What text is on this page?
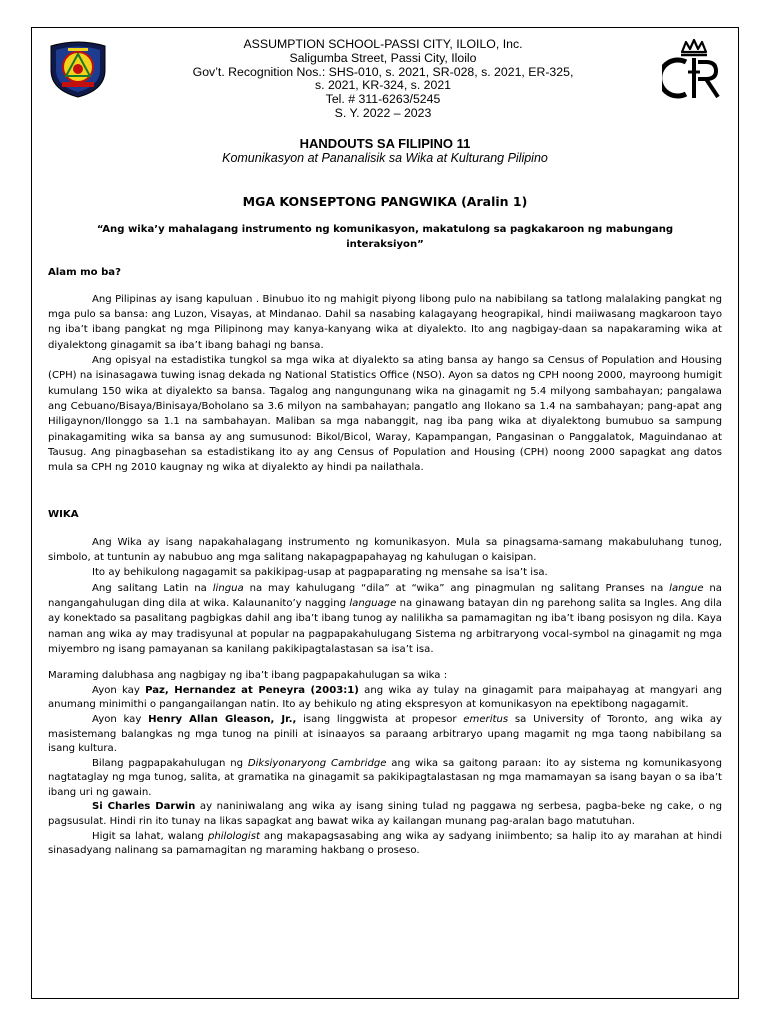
ASSUMPTION SCHOOL-PASSI CITY, ILOILO, Inc.
Saligumba Street, Passi City, Iloilo
Gov’t. Recognition Nos.: SHS-010, s. 2021, SR-028, s. 2021, ER-325,
s. 2021, KR-324, s. 2021
Tel. # 311-6263/5245
S. Y. 2022 – 2023
HANDOUTS SA FILIPINO 11
Komunikasyon at Pananalisik sa Wika at Kulturang Pilipino
MGA KONSEPTONG PANGWIKA (Aralin 1)
“Ang wika’y mahalagang instrumento ng komunikasyon, makatulong sa pagkakaroon ng mabungang interaksiyon”

Alam mo ba?

Ang Pilipinas ay isang kapuluan . Binubuo ito ng mahigit piyong libong pulo na nabibilang sa tatlong malalaking pangkat ng mga pulo sa bansa: ang Luzon, Visayas, at Mindanao. Dahil sa nasabing kalagayang heograpikal, hindi maiiwasang magkaroon tayo ng iba’t ibang pangkat ng mga Pilipinong may kanya-kanyang wika at diyalekto. Ito ang nagbigay-daan sa napakaraming wika at diyalektong ginagamit sa iba’t ibang bahagi ng bansa.

Ang opisyal na estadistika tungkol sa mga wika at diyalekto sa ating bansa ay hango sa Census of Population and Housing (CPH) na isinasagawa tuwing isnag dekada ng National Statistics Office (NSO). Ayon sa datos ng CPH noong 2000, mayroong humigit kumulang 150 wika at diyalekto sa bansa. Tagalog ang nangungunang wika na ginagamit ng 5.4 milyong sambahayan; pangalawa ang Cebuano/Bisaya/Binisaya/Boholano sa 3.6 milyon na sambahayan; pangatlo ang Ilokano sa 1.4 na sambahayan; pang-apat ang Hiligaynon/Ilonggo sa 1.1 na sambahayan. Maliban sa mga nabanggit, nag iba pang wika at diyalektong bumubuo sa sampung pinakagamiting wika sa bansa ay ang sumusunod: Bikol/Bicol, Waray, Kapampangan, Pangasinan o Panggalatok, Maguindanao at Tausug. Ang pinagbasehan sa estadistikang ito ay ang Census of Population and Housing (CPH) noong 2000 sapagkat ang datos mula sa CPH ng 2010 kaugnay ng wika at diyalekto ay hindi pa nailathala.

WIKA

Ang Wika ay isang napakahalagang instrumento ng komunikasyon. Mula sa pinagsama-samang makabuluhang tunog, simbolo, at tuntunin ay nabubuo ang mga salitang nakapagpapahayag ng kahulugan o kaisipan.

Ito ay behikulong nagagamit sa pakikipag-usap at pagpaparating ng mensahe sa isa’t isa.

Ang salitang Latin na lingua na may kahulugang “dila” at “wika” ang pinagmulan ng salitang Pranses na langue na nangangahulugan ding dila at wika. Kalaunanito’y nagging language na ginawang batayan din ng parehong salita sa Ingles. Ang dila ay konektado sa pasalitang pagbigkas dahil ang iba’t ibang tunog ay nalilikha sa pamamagitan ng iba’t ibang posisyon ng dila. Kaya naman ang wika ay may tradisyunal at popular na pagpapakahulugang Sistema ng arbitraryong vocal-symbol na ginagamit ng mga miyembro ng isang pamayanan sa kanilang pakikipagtalastasan sa isa’t isa.

Maraming dalubhasa ang nagbigay ng iba’t ibang pagpapakahulugan sa wika :

Ayon kay Paz, Hernandez at Peneyra (2003:1) ang wika ay tulay na ginagamit para maipahayag at mangyari ang anumang minimithi o pangangailangan natin. Ito ay behikulo ng ating ekspresyon at komunikasyon na epektibong nagagamit.

Ayon kay Henry Allan Gleason, Jr., isang linggwista at propesor emeritus sa University of Toronto, ang wika ay masistemang balangkas ng mga tunog na pinili at isinaayos sa paraang arbitraryo upang magamit ng mga taong nabibilang sa isang kultura.

Bilang pagpapakahulugan ng Diksiyonaryong Cambridge ang wika sa gaitong paraan: ito ay sistema ng komunikasyong nagtataglay ng mga tunog, salita, at gramatika na ginagamit sa pakikipagtalastasan ng mga mamamayan sa isang bayan o sa iba’t ibang uri ng gawain.

Si Charles Darwin ay naniniwalang ang wika ay isang sining tulad ng paggawa ng serbesa, pagba-beke ng cake, o ng pagsusulat. Hindi rin ito tunay na likas sapagkat ang bawat wika ay kailangan munang pag-aralan bago matutuhan.

Higit sa lahat, walang philologist ang makapagsasabing ang wika ay sadyang iniimbento; sa halip ito ay marahan at hindi sinasadyang nalinang sa pamamagitan ng maraming hakbang o proseso.
